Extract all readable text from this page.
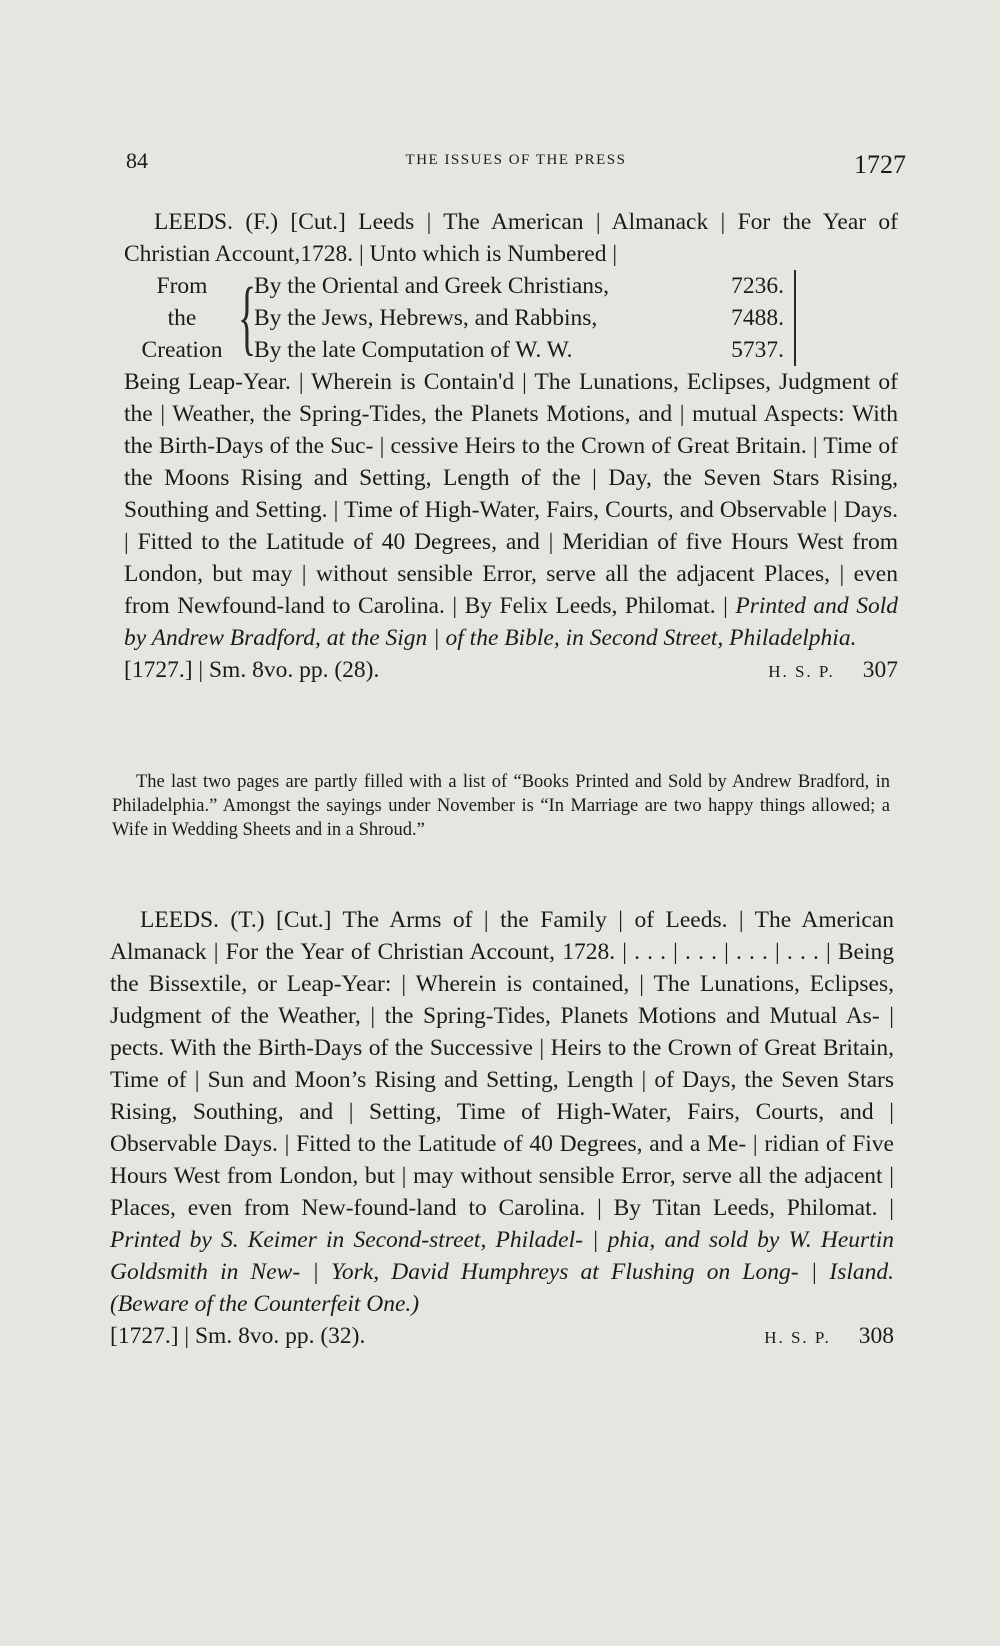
84	THE ISSUES OF THE PRESS	1727

LEEDS. (F.) [Cut.] Leeds | The American | Almanack | For the Year of Christian Account,1728. | Unto which is Numbered |

From
the
Creation {
By the Oriental and Greek Christians,	7236.
By the Jews, Hebrews, and Rabbins,	7488.
By the late Computation of W. W.	5737.

Being Leap-Year. | Wherein is Contain'd | The Lunations, Eclipses, Judgment of the | Weather, the Spring-Tides, the Planets Motions, and | mutual Aspects: With the Birth-Days of the Suc- | cessive Heirs to the Crown of Great Britain. | Time of the Moons Rising and Setting, Length of the | Day, the Seven Stars Rising, Southing and Setting. | Time of High-Water, Fairs, Courts, and Observable | Days. | Fitted to the Latitude of 40 Degrees, and | Meridian of five Hours West from London, but may | without sensible Error, serve all the adjacent Places, | even from Newfound-land to Carolina. | By Felix Leeds, Philomat. | Printed and Sold by Andrew Bradford, at the Sign | of the Bible, in Second Street, Philadelphia.

[1727.] | Sm. 8vo. pp. (28).	H. S. P. 307

The last two pages are partly filled with a list of “Books Printed and Sold by Andrew Bradford, in Philadelphia.” Amongst the sayings under November is “In Marriage are two happy things allowed; a Wife in Wedding Sheets and in a Shroud.”

LEEDS. (T.) [Cut.] The Arms of | the Family | of Leeds. | The American Almanack | For the Year of Christian Account, 1728. | . . . | . . . | . . . | . . . | Being the Bissextile, or Leap-Year: | Wherein is contained, | The Lunations, Eclipses, Judgment of the Weather, | the Spring-Tides, Planets Motions and Mutual As- | pects. With the Birth-Days of the Successive | Heirs to the Crown of Great Britain, Time of | Sun and Moon’s Rising and Setting, Length | of Days, the Seven Stars Rising, Southing, and | Setting, Time of High-Water, Fairs, Courts, and | Observable Days. | Fitted to the Latitude of 40 Degrees, and a Me- | ridian of Five Hours West from London, but | may without sensible Error, serve all the adjacent | Places, even from New-found-land to Carolina. | By Titan Leeds, Philomat. | Printed by S. Keimer in Second-street, Philadel- | phia, and sold by W. Heurtin Goldsmith in New- | York, David Humphreys at Flushing on Long- | Island. (Beware of the Counterfeit One.)

[1727.] | Sm. 8vo. pp. (32).	H. S. P. 308
